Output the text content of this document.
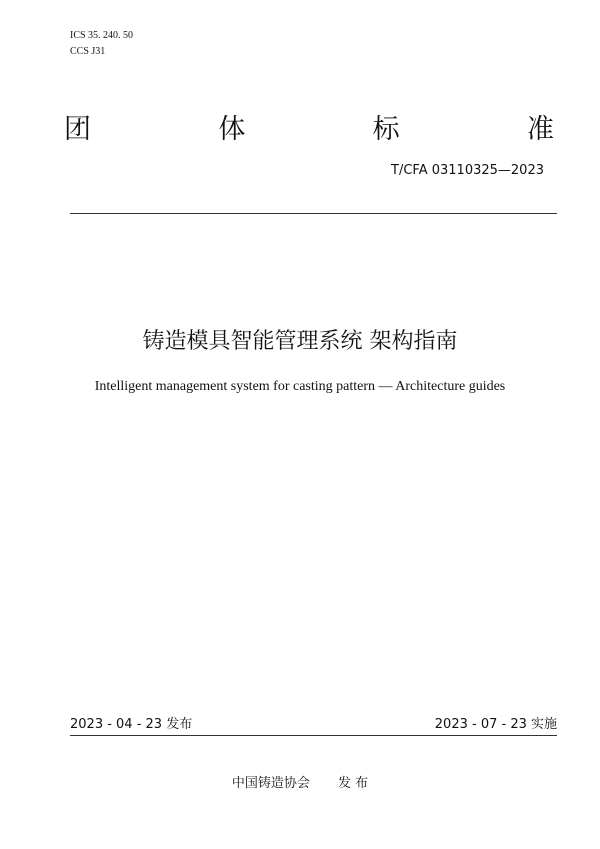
ICS 35. 240. 50
CCS J31
团	体	标	准
T/CFA 03110325—2023
铸造模具智能管理系统 架构指南
Intelligent management system for casting pattern — Architecture guides
2023 - 04 - 23 发布	2023 - 07 - 23 实施
中国铸造协会 发 布
